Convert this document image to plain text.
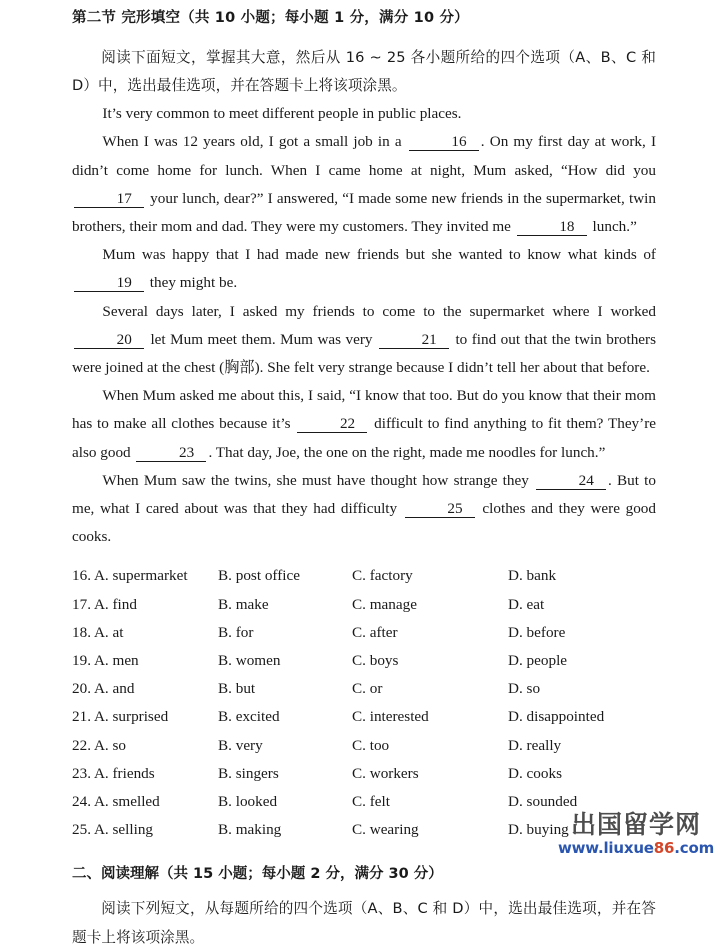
第二节 完形填空（共 10 小题；每小题 1 分，满分 10 分）

阅读下面短文，掌握其大意，然后从 16 ~ 25 各小题所给的四个选项（A、B、C 和 D）中，选出最佳选项，并在答题卡上将该项涂黑。

It’s very common to meet different people in public places.

When I was 12 years old, I got a small job in a	16 . On my first day at work, I didn’t come home for lunch. When I came home at night, Mum asked, “How did you 17 your lunch, dear?” I answered, “I made some new friends in the supermarket, twin brothers, their mom and dad. They were my customers. They invited me	18 lunch.”

Mum was happy that I had made new friends but she wanted to know what kinds of 19 they might be.

Several days later, I asked my friends to come to the supermarket where I worked 20 let Mum meet them. Mum was very	21 to find out that the twin brothers were joined at the chest (胸部). She felt very strange because I didn’t tell her about that before.

When Mum asked me about this, I said, “I know that too. But do you know that their mom has to make all clothes because it’s	22 difficult to find anything to fit them? They’re also good	23 . That day, Joe, the one on the right, made me noodles for lunch.”

When Mum saw the twins, she must have thought how strange they	24 . But to me, what I cared about was that they had difficulty	25 clothes and they were good cooks.

16. A. supermarket	B. post office	C. factory	D. bank
17. A. find	B. make	C. manage	D. eat
18. A. at	B. for	C. after	D. before
19. A. men	B. women	C. boys	D. people
20. A. and	B. but	C. or	D. so
21. A. surprised	B. excited	C. interested	D. disappointed
22. A. so	B. very	C. too	D. really
23. A. friends	B. singers	C. workers	D. cooks
24. A. smelled	B. looked	C. felt	D. sounded
25. A. selling	B. making	C. wearing	D. buying
二、阅读理解（共 15 小题；每小题 2 分，满分 30 分）

阅读下列短文，从每题所给的四个选项（A、B、C 和 D）中，选出最佳选项，并在答题卡上将该项涂黑。

出国留学网
www.liuxue86.com
